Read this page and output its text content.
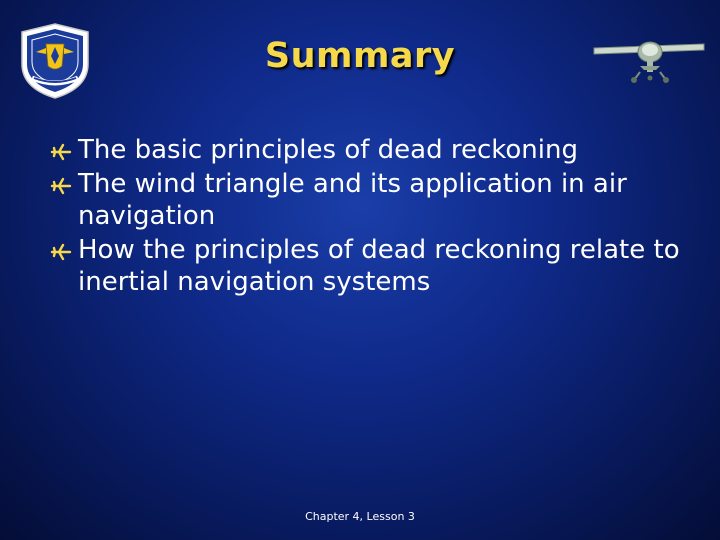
Summary
The basic principles of dead reckoning
The wind triangle and its application in air navigation
How the principles of dead reckoning relate to inertial navigation systems
Chapter 4, Lesson 3
